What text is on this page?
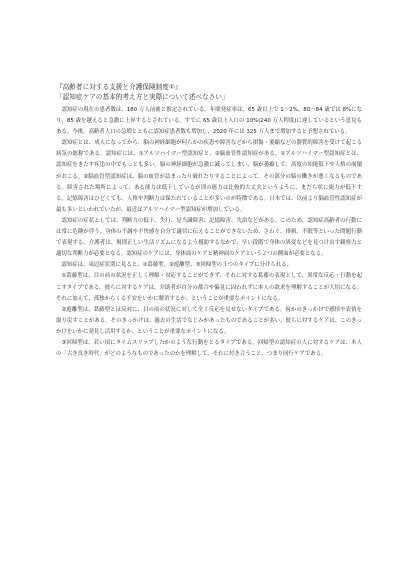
『高齢者に対する支援と介護保険制度①』
「認知症ケアの基本的考え方と実際について述べなさい」

認知症の現在の患者数は、180 万人前後と推定されている。年間発症率は、65 歳以上で 1〜2%、80〜84 歳では 8%になり、85 歳を越えると急激に上昇するとされている。すでに 65 歳以上人口の 10%(240 万人程度)に達しているという意見もある。今後、高齢者人口の急増とともに認知症患者数も増加し、2020 年には 325 万人まで増加すると予想されている。

認知症とは、成人になってから、脳の神経細胞が何らかの疾患や障害などから損傷・萎縮などの器質的障害を受けて起こる病気の総称である。認知症には、①アルツハイマー型認知症と、②脳血管性認知症がある。①アルツハイマー型認知症とは、認知症をきたす疾患の中でもっとも多い。脳の神経細胞が急激に減ってしまい、脳が萎縮して、高度の知能低下や人格の崩壊がおこる。②脳血管型認知症は、脳の血管が詰まったり破れたりすることによって、その部分の脳の働きが悪くなるものである。障害された場所によって、ある能力は低下しているが別の能力は比較的大丈夫というように、まだら状に能力が低下する。記憶障害はひどくても、人格や判断力は保たれていることが多いのが特徴である。日本では、以前より脳血管性認知症が最も多いといわれていたが、最近はアルツハイマー型認知症が増加している。

認知症の症状としては、判断力の低下、失行、見当識障害、記憶障害、失語などがある。このため、認知症高齢者の行動には常に危険が伴う。身体の不調や不快感を自分で適切に伝えることができないため、さわぐ、徘徊、不眠等といった問題行動で表現する。介護者は、規則正しい生活リズムになるよう援助するなかで、早い段階で身体の異変などを見つけ出す観察力と適切な判断力が必要となる。認知症のケアには、身体面のケアと精神面のケアという２つの側面が必要となる。

認知症は、周辺症状別に見ると、①葛藤型、②遊離型、③回帰型の３つのタイプに分けられる。

①葛藤型は、目の前の状況を正しく理解・対応することができず、それに対する葛藤の表現として、異常な反応・行動を起こすタイプである。彼らに対するケアは、介助者が自分の都合や偏見に囚われずに本人の欲求を理解することが大切になる。それに加えて、孤独からくる不安をいかに解消するか、ということが重要なポイントになる。

②遊離型は、葛藤型とは反対に、目の前の状況に対して全く反応を見せないタイプである。何かのきっかけで感情や表情を取り戻すことがある。そのきっかけは、過去の生活でなじみがあったものであることが多い。彼らに対するケアは、このきっかけをいかに発見し活用するか、ということが重要なポイントになる。

③回帰型は、若い頃にタイムスリップしたかのような行動をとるタイプである。回帰型の認知症の人に対するケアは、本人の「古き良き時代」がどのようなものであったのかを理解して、それに付き合うこと、つまり同行ケアである。
